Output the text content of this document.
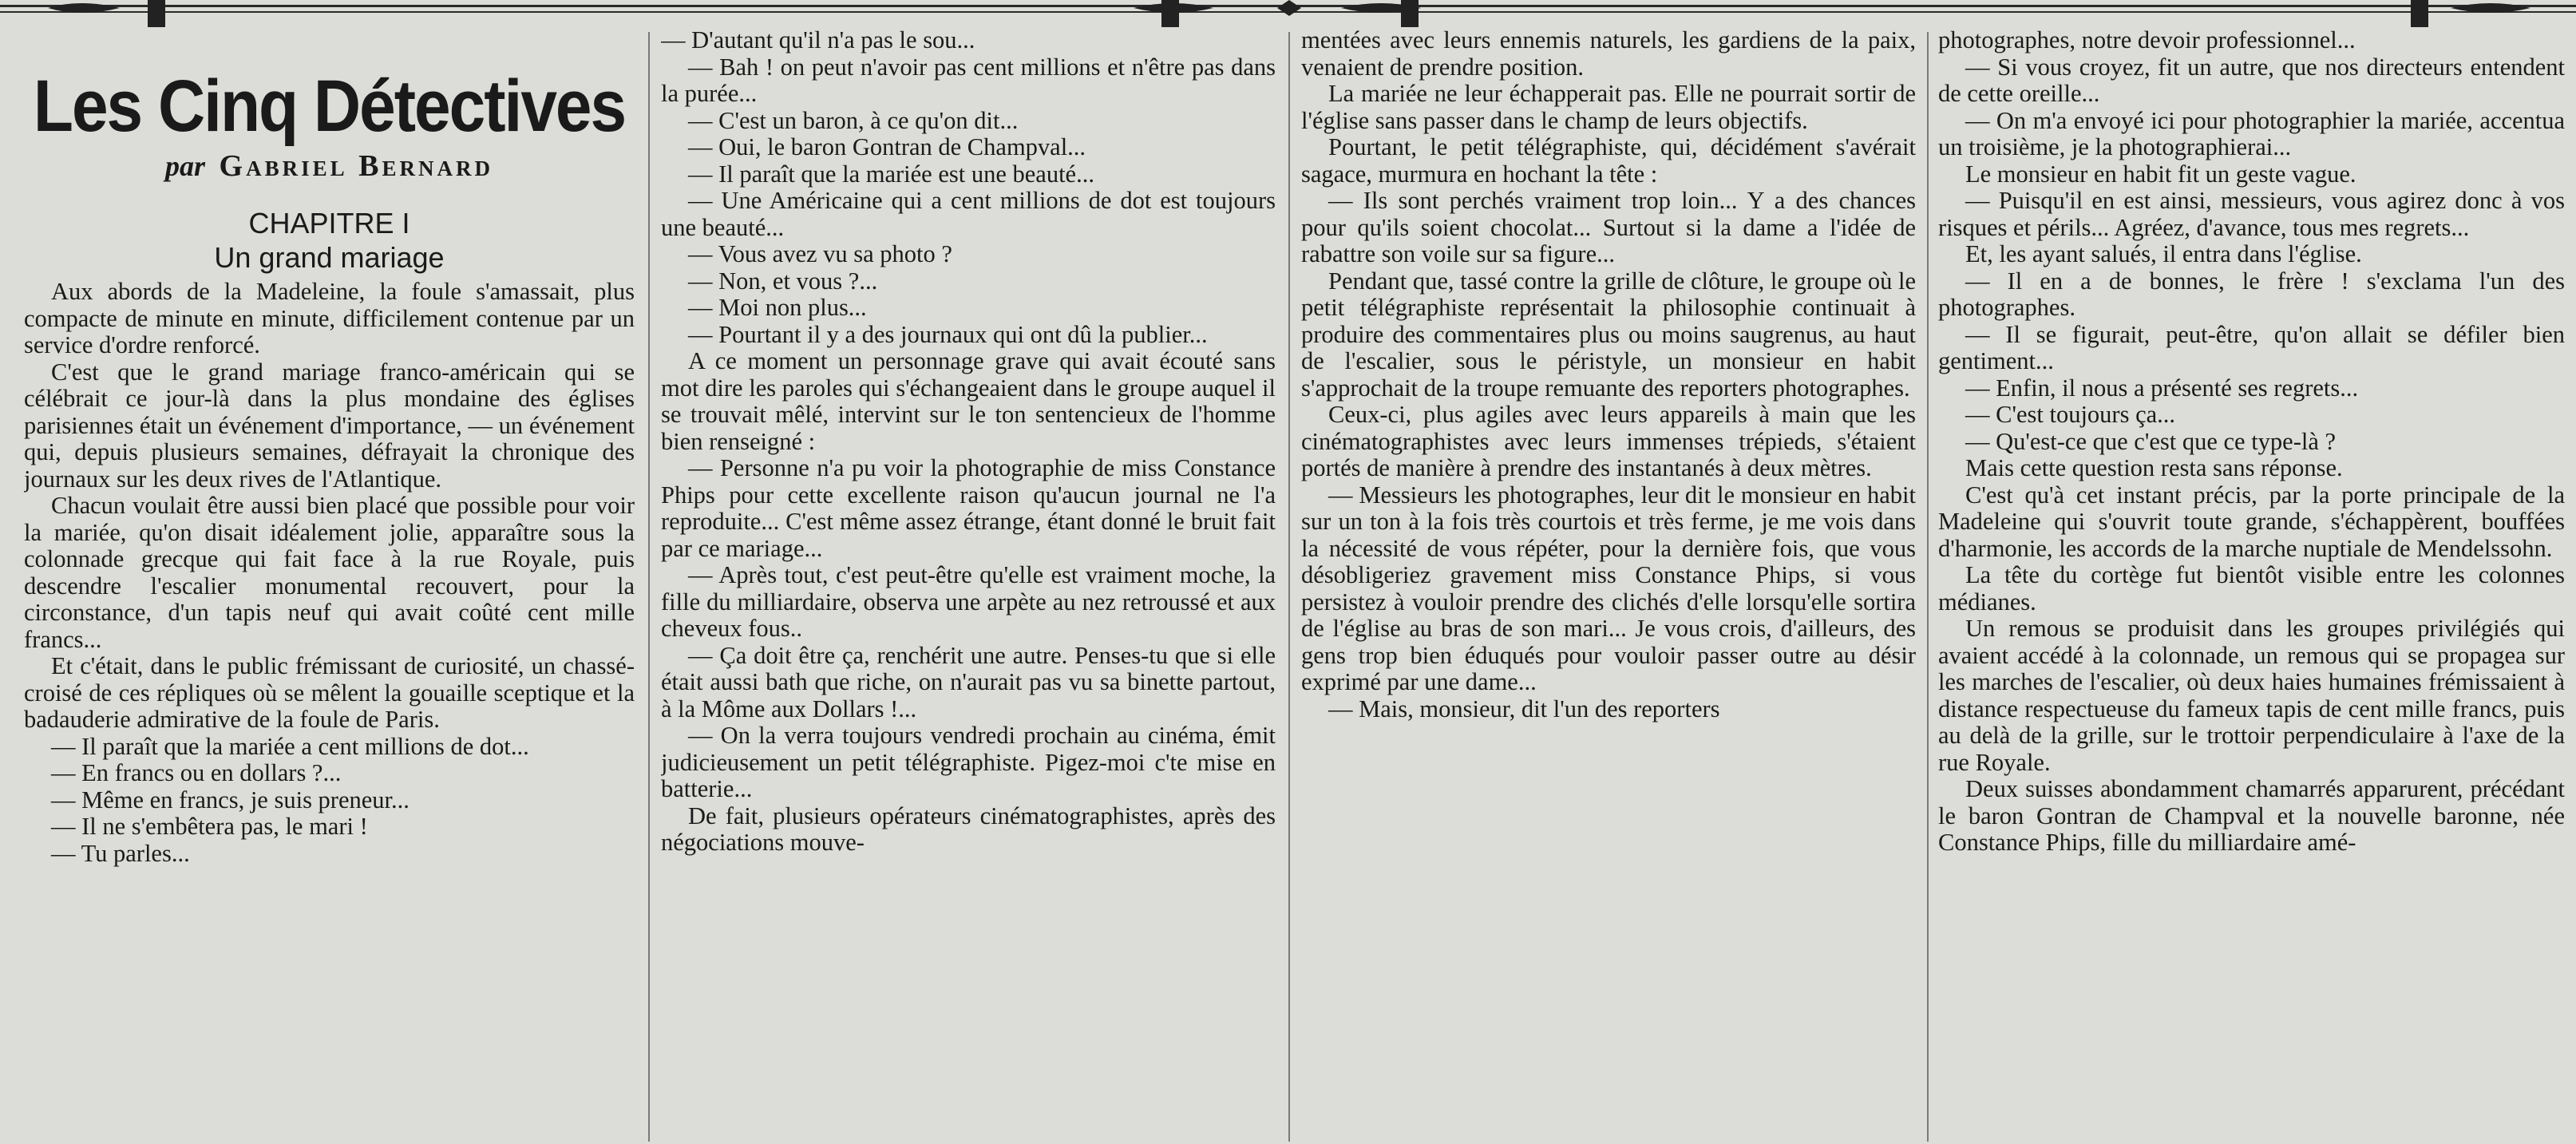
Les Cinq Détectives
par Gabriel Bernard
CHAPITRE I
Un grand mariage

Aux abords de la Madeleine, la foule s'amassait, plus compacte de minute en minute, difficilement contenue par un service d'ordre renforcé.

C'est que le grand mariage franco-américain qui se célébrait ce jour-là dans la plus mondaine des églises parisiennes était un événement d'importance, — un événement qui, depuis plusieurs semaines, défrayait la chronique des journaux sur les deux rives de l'Atlantique.

Chacun voulait être aussi bien placé que possible pour voir la mariée, qu'on disait idéalement jolie, apparaître sous la colonnade grecque qui fait face à la rue Royale, puis descendre l'escalier monumental recouvert, pour la circonstance, d'un tapis neuf qui avait coûté cent mille francs...

Et c'était, dans le public frémissant de curiosité, un chassé-croisé de ces répliques où se mêlent la gouaille sceptique et la badauderie admirative de la foule de Paris.

— Il paraît que la mariée a cent millions de dot...

— En francs ou en dollars ?...

— Même en francs, je suis preneur...

— Il ne s'embêtera pas, le mari !

— Tu parles...

— D'autant qu'il n'a pas le sou...

— Bah ! on peut n'avoir pas cent millions et n'être pas dans la purée...

— C'est un baron, à ce qu'on dit...

— Oui, le baron Gontran de Champval...

— Il paraît que la mariée est une beauté...

— Une Américaine qui a cent millions de dot est toujours une beauté...

— Vous avez vu sa photo ?

— Non, et vous ?...

— Moi non plus...

— Pourtant il y a des journaux qui ont dû la publier...

A ce moment un personnage grave qui avait écouté sans mot dire les paroles qui s'échangeaient dans le groupe auquel il se trouvait mêlé, intervint sur le ton sentencieux de l'homme bien renseigné :

— Personne n'a pu voir la photographie de miss Constance Phips pour cette excellente raison qu'aucun journal ne l'a reproduite... C'est même assez étrange, étant donné le bruit fait par ce mariage...

— Après tout, c'est peut-être qu'elle est vraiment moche, la fille du milliardaire, observa une arpète au nez retroussé et aux cheveux fous..

— Ça doit être ça, renchérit une autre. Penses-tu que si elle était aussi bath que riche, on n'aurait pas vu sa binette partout, à la Môme aux Dollars !...

— On la verra toujours vendredi prochain au cinéma, émit judicieusement un petit télégraphiste. Pigez-moi c'te mise en batterie...

De fait, plusieurs opérateurs cinématographistes, après des négociations mouve-

mentées avec leurs ennemis naturels, les gardiens de la paix, venaient de prendre position.

La mariée ne leur échapperait pas. Elle ne pourrait sortir de l'église sans passer dans le champ de leurs objectifs.

Pourtant, le petit télégraphiste, qui, décidément s'avérait sagace, murmura en hochant la tête :

— Ils sont perchés vraiment trop loin... Y a des chances pour qu'ils soient chocolat... Surtout si la dame a l'idée de rabattre son voile sur sa figure...

Pendant que, tassé contre la grille de clôture, le groupe où le petit télégraphiste représentait la philosophie continuait à produire des commentaires plus ou moins saugrenus, au haut de l'escalier, sous le péristyle, un monsieur en habit s'approchait de la troupe remuante des reporters photographes.

Ceux-ci, plus agiles avec leurs appareils à main que les cinématographistes avec leurs immenses trépieds, s'étaient portés de manière à prendre des instantanés à deux mètres.

— Messieurs les photographes, leur dit le monsieur en habit sur un ton à la fois très courtois et très ferme, je me vois dans la nécessité de vous répéter, pour la dernière fois, que vous désobligeriez gravement miss Constance Phips, si vous persistez à vouloir prendre des clichés d'elle lorsqu'elle sortira de l'église au bras de son mari... Je vous crois, d'ailleurs, des gens trop bien éduqués pour vouloir passer outre au désir exprimé par une dame...

— Mais, monsieur, dit l'un des reporters

photographes, notre devoir professionnel...

— Si vous croyez, fit un autre, que nos directeurs entendent de cette oreille...

— On m'a envoyé ici pour photographier la mariée, accentua un troisième, je la photographierai...

Le monsieur en habit fit un geste vague.

— Puisqu'il en est ainsi, messieurs, vous agirez donc à vos risques et périls... Agréez, d'avance, tous mes regrets...

Et, les ayant salués, il entra dans l'église.

— Il en a de bonnes, le frère ! s'exclama l'un des photographes.

— Il se figurait, peut-être, qu'on allait se défiler bien gentiment...

— Enfin, il nous a présenté ses regrets...

— C'est toujours ça...

— Qu'est-ce que c'est que ce type-là ?

Mais cette question resta sans réponse.

C'est qu'à cet instant précis, par la porte principale de la Madeleine qui s'ouvrit toute grande, s'échappèrent, bouffées d'harmonie, les accords de la marche nuptiale de Mendelssohn.

La tête du cortège fut bientôt visible entre les colonnes médianes.

Un remous se produisit dans les groupes privilégiés qui avaient accédé à la colonnade, un remous qui se propagea sur les marches de l'escalier, où deux haies humaines frémissaient à distance respectueuse du fameux tapis de cent mille francs, puis au delà de la grille, sur le trottoir perpendiculaire à l'axe de la rue Royale.

Deux suisses abondamment chamarrés apparurent, précédant le baron Gontran de Champval et la nouvelle baronne, née Constance Phips, fille du milliardaire amé-
